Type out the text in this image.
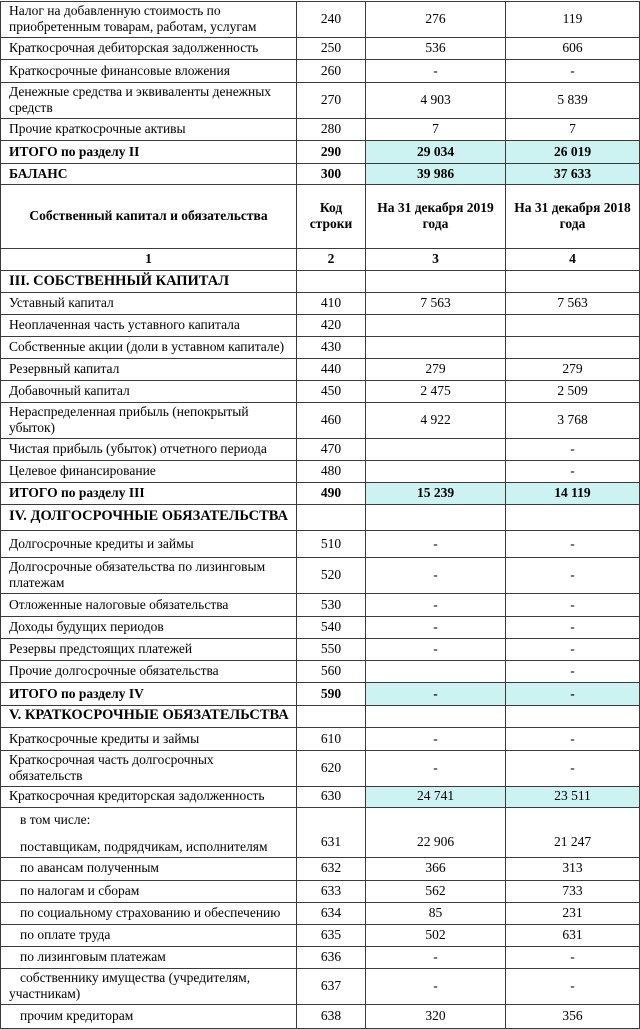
Налог на добавленную стоимость по приобретенным товарам, работам, услугам	240	276	119
Краткосрочная дебиторская задолженность	250	536	606
Краткосрочные финансовые вложения	260	-	-
Денежные средства и эквиваленты денежных средств	270	4 903	5 839
Прочие краткосрочные активы	280	7	7
ИТОГО по разделу II	290	29 034	26 019
БАЛАНС	300	39 986	37 633
Собственный капитал и обязательства	Код строки	На 31 декабря 2019 года	На 31 декабря 2018 года
1	2	3	4
III. СОБСТВЕННЫЙ КАПИТАЛ			
Уставный капитал	410	7 563	7 563
Неоплаченная часть уставного капитала	420		
Собственные акции (доли в уставном капитале)	430		
Резервный капитал	440	279	279
Добавочный капитал	450	2 475	2 509
Нераспределенная прибыль (непокрытый убыток)	460	4 922	3 768
Чистая прибыль (убыток) отчетного периода	470		-
Целевое финансирование	480		-
ИТОГО по разделу III	490	15 239	14 119
IV. ДОЛГОСРОЧНЫЕ ОБЯЗАТЕЛЬСТВА			
Долгосрочные кредиты и займы	510	-	-
Долгосрочные обязательства по лизинговым платежам	520	-	-
Отложенные налоговые обязательства	530	-	-
Доходы будущих периодов	540	-	-
Резервы предстоящих платежей	550	-	-
Прочие долгосрочные обязательства	560		-
ИТОГО по разделу IV	590	-	-
V. КРАТКОСРОЧНЫЕ ОБЯЗАТЕЛЬСТВА			
Краткосрочные кредиты и займы	610	-	-
Краткосрочная часть долгосрочных обязательств	620	-	-
Краткосрочная кредиторская задолженность	630	24 741	23 511

в том числе:
поставщикам, подрядчикам, исполнителям	631	22 906	21 247
по авансам полученным	632	366	313
по налогам и сборам	633	562	733
по социальному страхованию и обеспечению	634	85	231
по оплате труда	635	502	631
по лизинговым платежам	636	-	-
собственнику имущества (учредителям, участникам)	637	-	-
прочим кредиторам	638	320	356
